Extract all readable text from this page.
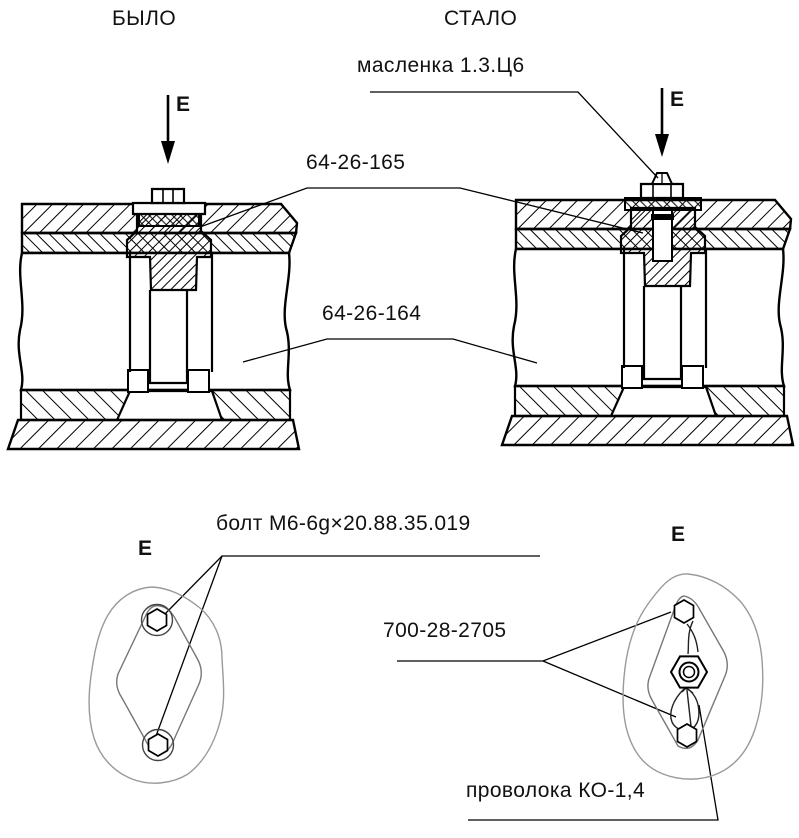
БЫЛО	СТАЛО
Е	Е
Е
Е
масленка 1.3.Ц6
64-26-165
64-26-164
болт М6-6g×20.88.35.019
700-28-2705
проволока КО-1,4
